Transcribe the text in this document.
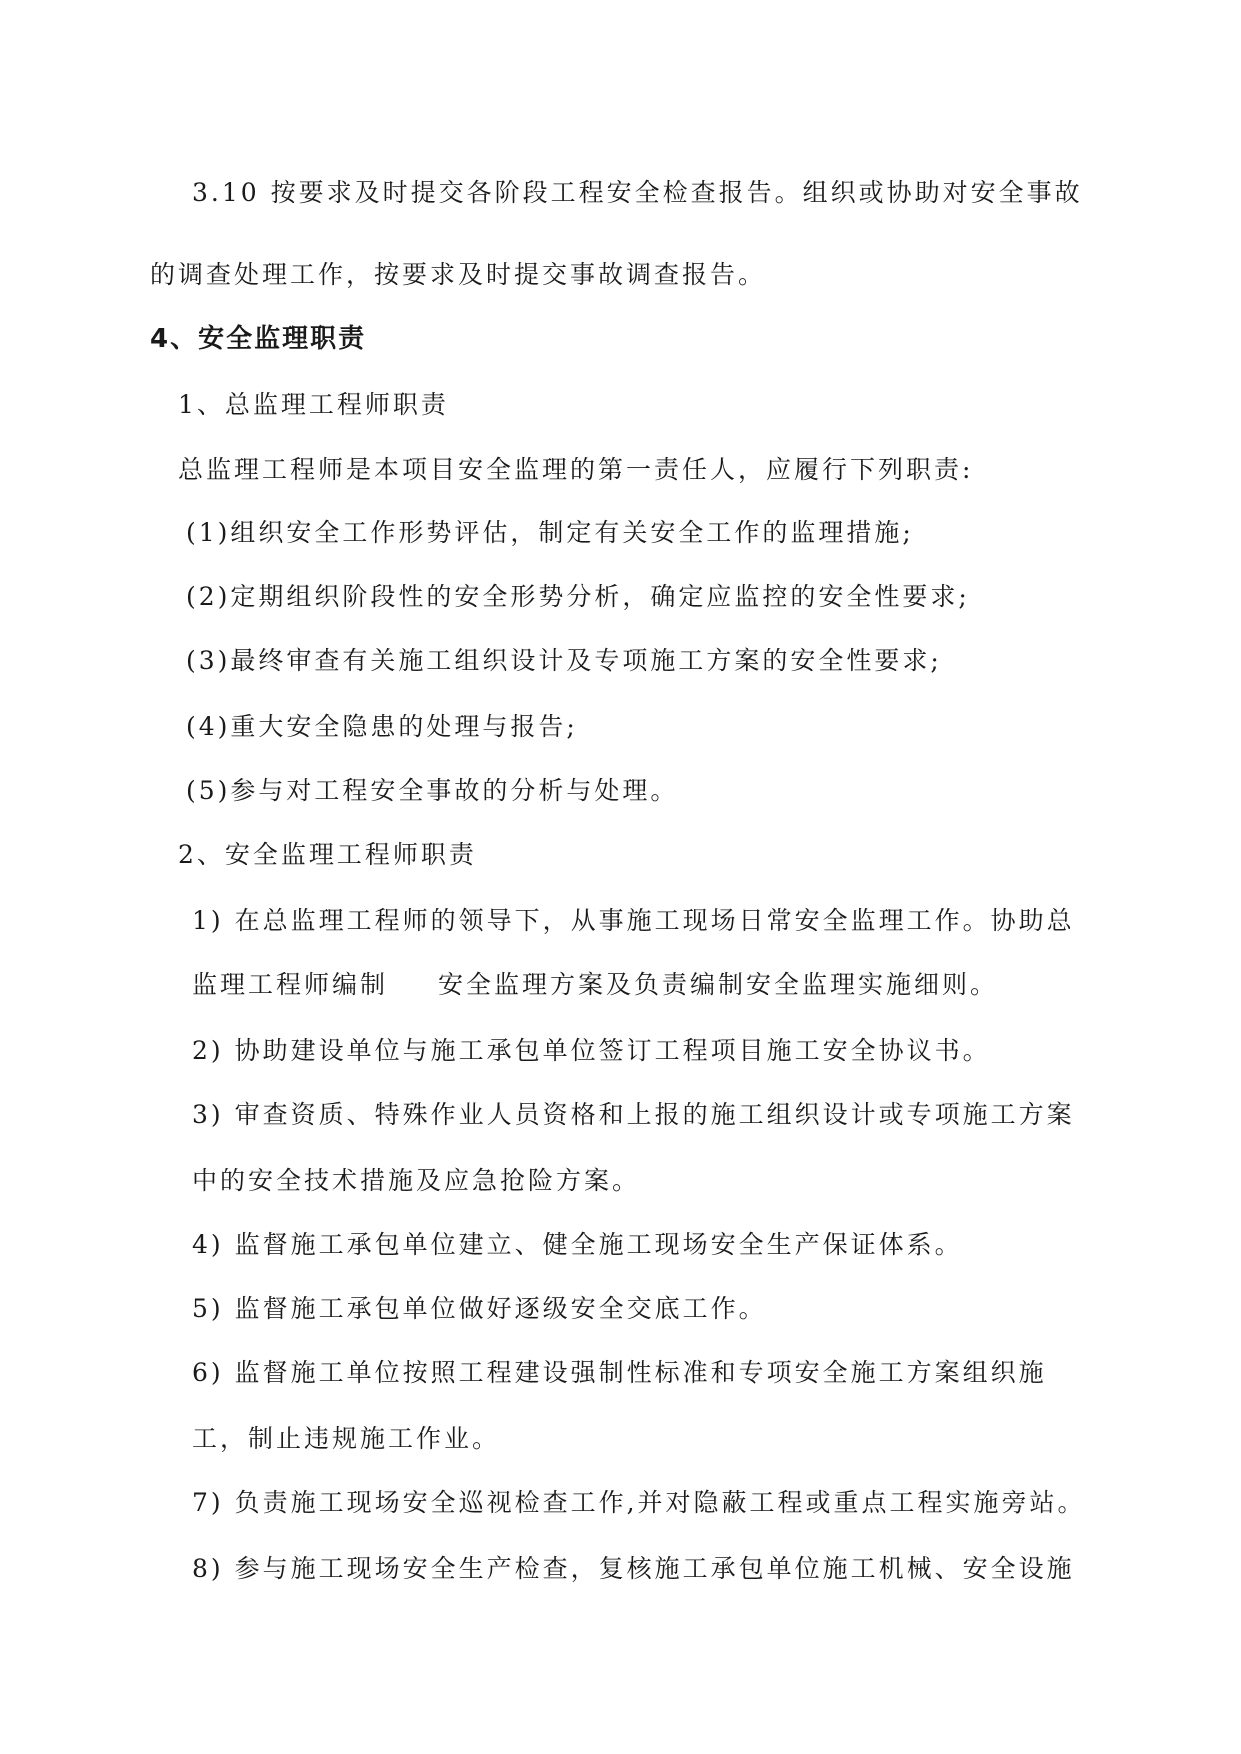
3.10 按要求及时提交各阶段工程安全检查报告。组织或协助对安全事故
的调查处理工作，按要求及时提交事故调查报告。
4、安全监理职责
1、总监理工程师职责
总监理工程师是本项目安全监理的第一责任人，应履行下列职责:
(1)组织安全工作形势评估，制定有关安全工作的监理措施;
(2)定期组织阶段性的安全形势分析，确定应监控的安全性要求;
(3)最终审查有关施工组织设计及专项施工方案的安全性要求;
(4)重大安全隐患的处理与报告;
(5)参与对工程安全事故的分析与处理。
2、安全监理工程师职责
1) 在总监理工程师的领导下，从事施工现场日常安全监理工作。协助总
监理工程师编制 安全监理方案及负责编制安全监理实施细则。
2) 协助建设单位与施工承包单位签订工程项目施工安全协议书。
3) 审查资质、特殊作业人员资格和上报的施工组织设计或专项施工方案
中的安全技术措施及应急抢险方案。
4) 监督施工承包单位建立、健全施工现场安全生产保证体系。
5) 监督施工承包单位做好逐级安全交底工作。
6) 监督施工单位按照工程建设强制性标准和专项安全施工方案组织施
工，制止违规施工作业。
7) 负责施工现场安全巡视检查工作,并对隐蔽工程或重点工程实施旁站。
8) 参与施工现场安全生产检查，复核施工承包单位施工机械、安全设施
